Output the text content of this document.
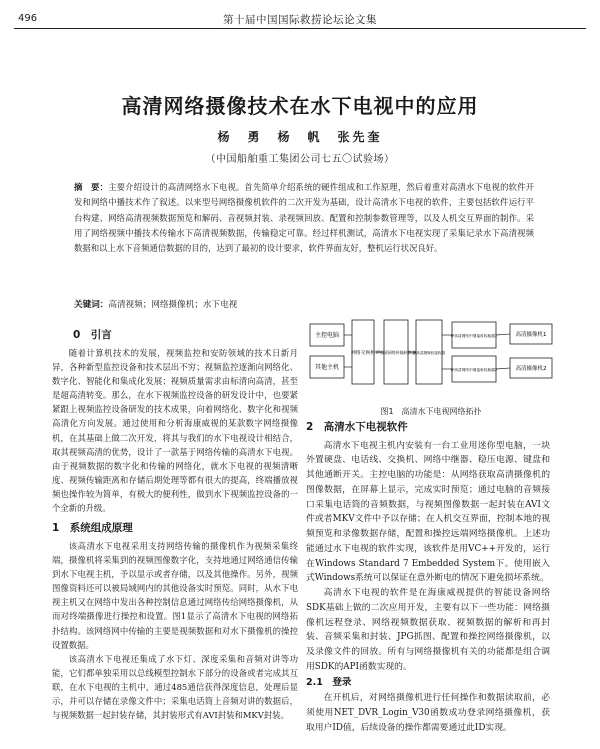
496	第十届中国国际救捞论坛论文集
高清网络摄像技术在水下电视中的应用
杨　勇　杨　帆　张先奎
（中国船舶重工集团公司七五〇试验场）
摘　要：主要介绍设计的高清网络水下电视。首先简单介绍系统的硬件组成和工作原理，然后着重对高清水下电视的软件开发和网络中播技术作了叙述。以来型号网络摄像机软件的二次开发为基础，设计高清水下电视的软件，主要包括软件运行平台构建、网络高清视频数据预览和解码、音视频封装、录视频回放、配置和控制参数管理等，以及人机交互界面的制作。采用了网络视频中播技术传输水下高清视频数据，传输稳定可靠。经过样机测试，高清水下电视实现了采集记录水下高清视频数据和以上水下音频通信数据的目的，达到了最初的设计要求，软件界面友好，整机运行状况良好。
关键词：高清视频；网络摄像机；水下电视

0　引言

随着计算机技术的发展，视频监控和安防领域的技术日新月异，各种新型监控设备和技术层出不穷；视频监控逐渐向网络化、数字化、智能化和集成化发展；视频质量需求由标清向高清，甚至是超高清转变。那么，在水下视频监控设备的研发设计中，也要紧紧跟上视频监控设备研发的技术成果，向着网络化、数字化和视频高清化方向发展。通过使用和分析海康威视的某款数字网络摄像机，在其基础上做二次开发，将其与我们的水下电视设计相结合，取其视频高清的优势，设计了一款基于网络传输的高清水下电视。由于视频数据的数字化和传输的网络化，就水下电视的视频清晰度、视频传输距离和存储后期处理等都有很大的提高，终端播放视频也操作较为简单，有极大的便利性，做到水下视频监控设备的一个全新的升级。

1　系统组成原理

该高清水下电视采用支持网络传输的摄像机作为视频采集终端，摄像机将采集到的视频图像数字化，支持地通过网络通信传输到水下电视主机，予以显示或者存储，以及其他操作。另外，视频图像资料还可以被局域网内的其他设备实时预览。同时，从水下电视主机又在网络中发出各种控制信息通过网络传给网络摄像机，从而对终端摄像进行操控和设置。图1显示了高清水下电视的网络拓扑结构。该网络网中传输的主要是视频数据和对水下摄像机的操控设置数据。

该高清水下电视还集成了水下灯、深度采集和音频对讲等功能，它们都单独采用以总线模型控制水下部分的设备或者完成其互联，在水下电视的主机中，通过485通信获得深度信息，处理后显示，并可以存储在录像文件中；采集电话筒上音频对讲的数据后，与视频数据一起封装存储，其封装形式有AVI封装和MKV封装。

主控电脑
其他主机
网络交换机 IP高清网络传输转换器
IP高清摄像机接收器
IP高清网络中继接收转换器1
IP高清网络中继接收转换器2
高清摄像机1
高清摄像机2
图1　高清水下电视网络拓扑

2　高清水下电视软件

高清水下电视主机内安装有一台工业用迷你型电脑，一块外置硬盘、电话线、交换机、网络中继器、稳压电源、键盘和其他通断开关。主控电脑的功能是：从网络获取高清摄像机的图像数据，在屏幕上显示，完成实时预览；通过电脑的音频接口采集电话筒的音频数据，与视频图像数据一起封装在AVI文件或者MKV文件中予以存储；在人机交互界面，控制本地的视频预览和录像数据存储，配置和操控远端网络摄像机。上述功能通过水下电视的软件实现，该软件是用VC++开发的，运行在Windows Standard 7 Embedded System下。使用嵌入式Windows系统可以保证在意外断电的情况下避免损坏系统。

高清水下电视的软件是在海康威视提供的智能设备网络SDK基础上做的二次应用开发，主要有以下一些功能：网络摄像机远程登录、网络视频数据获取、视频数据的解析和再封装、音频采集和封装、JPG抓图、配置和操控网络摄像机，以及录像文件的回放。所有与网络摄像机有关的功能都是组合调用SDK的API函数实现的。

2.1　登录

在开机后，对网络摄像机进行任何操作和数据读取前，必须使用NET_DVR_Login_V30函数成功登录网络摄像机，获取用户ID值，后续设备的操作都需要通过此ID实现。
